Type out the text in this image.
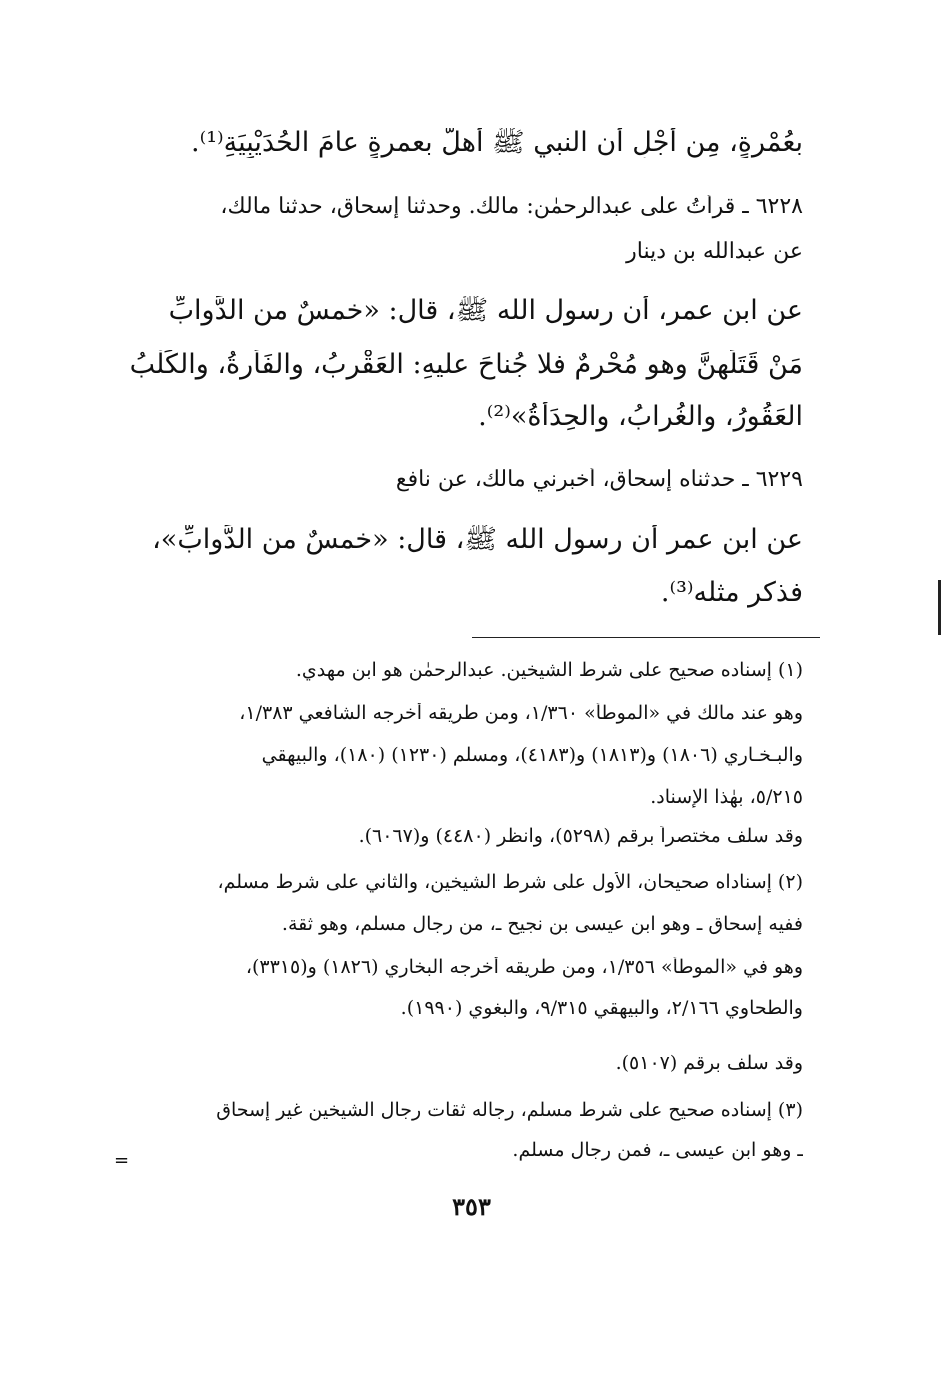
بعُمْرةٍ، مِن أَجْلِ أن النبي ﷺ أهلَّ بعمرةٍ عامَ الحُدَيْبِيَةِ⁽¹⁾.
٦٢٢٨ ـ قرأتُ على عبدالرحمٰن: مالك. وحدثنا إسحاق، حدثنا مالك،
عن عبدالله بن دينار
عن ابن عمر، أن رسول الله ﷺ، قال: «خمسٌ من الدَّوابِّ
مَنْ قَتَلَهنَّ وهو مُحْرِمٌ فلا جُناحَ عليهِ: العَقْرِبُ، والفَأْرةُ، والكَلْبُ
العَقُورُ، والغُرابُ، والحِدَأَةُ»⁽²⁾.
٦٢٢٩ ـ حدثناه إسحاق، أخبرني مالك، عن نافع
عن ابن عمر أن رسول الله ﷺ، قال: «خمسٌ من الدَّوابِّ»،
فذكر مثله⁽³⁾.
(١) إسناده صحيح على شرط الشيخين. عبدالرحمٰن هو ابن مهدي.
وهو عند مالك في «الموطأ» ١/٣٦٠، ومن طريقه أخرجه الشافعي ١/٣٨٣،
والبـخـاري (١٨٠٦) و(١٨١٣) و(٤١٨٣)، ومسلم (١٢٣٠) (١٨٠)، والبيهقي
٥/٢١٥، بهٰذا الإسناد.
وقد سلف مختصراً برقم (٥٢٩٨)، وانظر (٤٤٨٠) و(٦٠٦٧).
(٢) إسناداه صحيحان، الأول على شرط الشيخين، والثاني على شرط مسلم،
ففيه إسحاق ـ وهو ابن عيسى بن نجيح ـ، من رجال مسلم، وهو ثقة.
وهو في «الموطأ» ١/٣٥٦، ومن طريقه أخرجه البخاري (١٨٢٦) و(٣٣١٥)،
والطحاوي ٢/١٦٦، والبيهقي ٩/٣١٥، والبغوي (١٩٩٠).
وقد سلف برقم (٥١٠٧).
(٣) إسناده صحيح على شرط مسلم، رجاله ثقات رجال الشيخين غير إسحاق
ـ وهو ابن عيسى ـ، فمن رجال مسلم.
=
٣٥٣
